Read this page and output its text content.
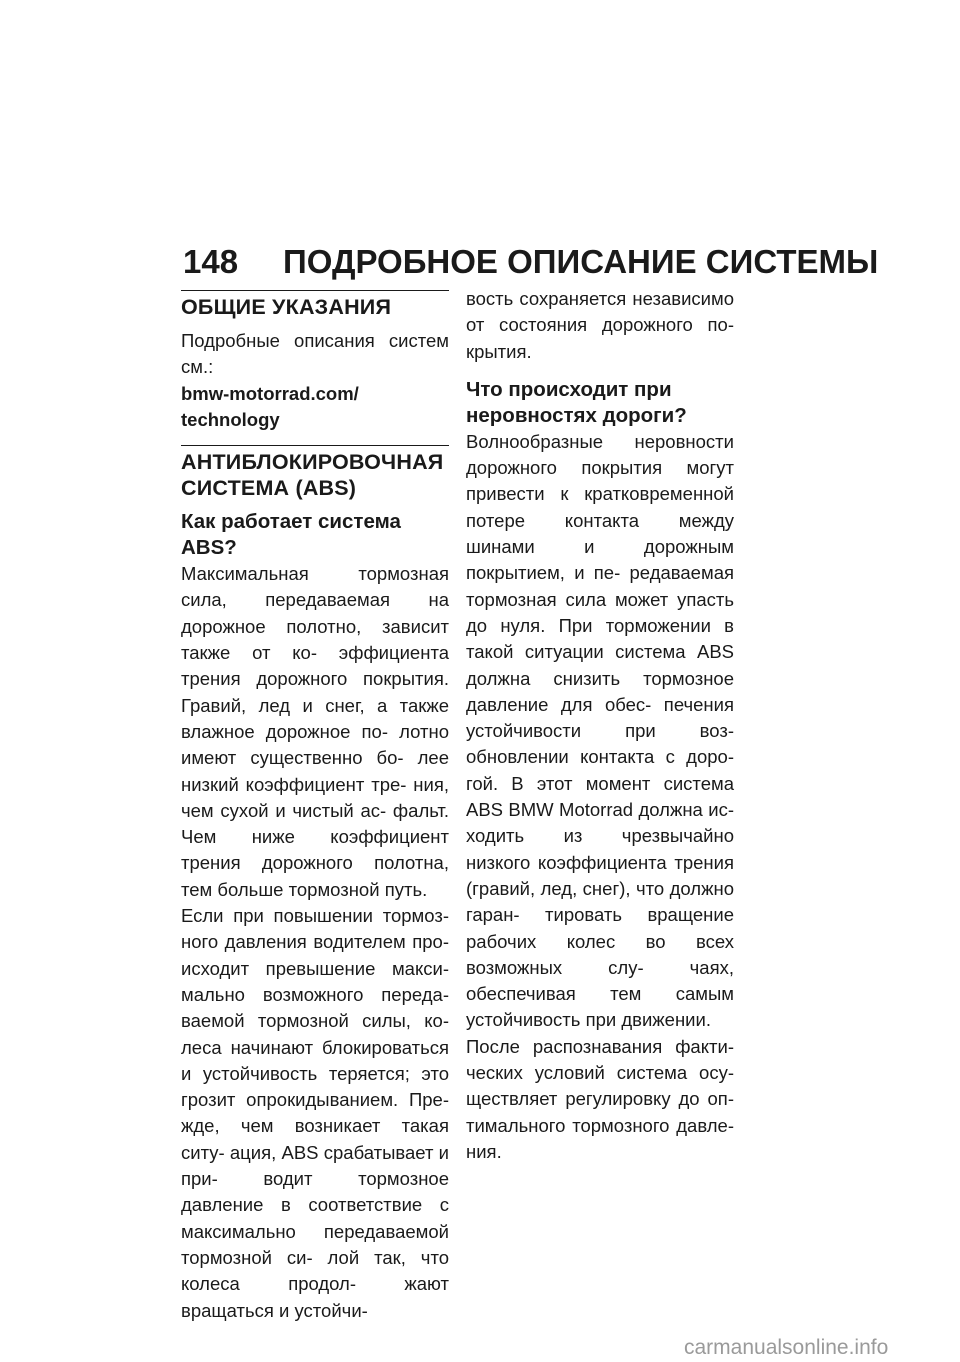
148 ПОДРОБНОЕ ОПИСАНИЕ СИСТЕМЫ
ОБЩИЕ УКАЗАНИЯ

Подробные описания систем см.:

bmw-motorrad.com/ technology

АНТИБЛОКИРОВОЧНАЯ СИСТЕМА (ABS)
Как работает система ABS?

Максимальная тормозная сила, передаваемая на дорожное полотно, зависит также от ко- эффициента трения дорожного покрытия. Гравий, лед и снег, а также влажное дорожное по- лотно имеют существенно бо- лее низкий коэффициент тре- ния, чем сухой и чистый ас- фальт. Чем ниже коэффициент трения дорожного полотна, тем больше тормозной путь.

Если при повышении тормоз- ного давления водителем про- исходит превышение макси- мально возможного переда- ваемой тормозной силы, ко- леса начинают блокироваться и устойчивость теряется; это грозит опрокидыванием. Пре- жде, чем возникает такая ситу- ация, ABS срабатывает и при- водит тормозное давление в соответствие с максимально передаваемой тормозной си- лой так, что колеса продол- жают вращаться и устойчи-

вость сохраняется независимо от состояния дорожного по- крытия.

Что происходит при неровностях дороги?

Волнообразные неровности дорожного покрытия могут привести к кратковременной потере контакта между шинами и дорожным покрытием, и пе- редаваемая тормозная сила может упасть до нуля. При торможении в такой ситуации система ABS должна снизить тормозное давление для обес- печения устойчивости при воз- обновлении контакта с доро- гой. В этот момент система ABS BMW Motorrad должна ис- ходить из чрезвычайно низкого коэффициента трения (гравий, лед, снег), что должно гаран- тировать вращение рабочих колес во всех возможных слу- чаях, обеспечивая тем самым устойчивость при движении.

После распознавания факти- ческих условий система осу- ществляет регулировку до оп- тимального тормозного давле- ния.

carmanualsonline.info
